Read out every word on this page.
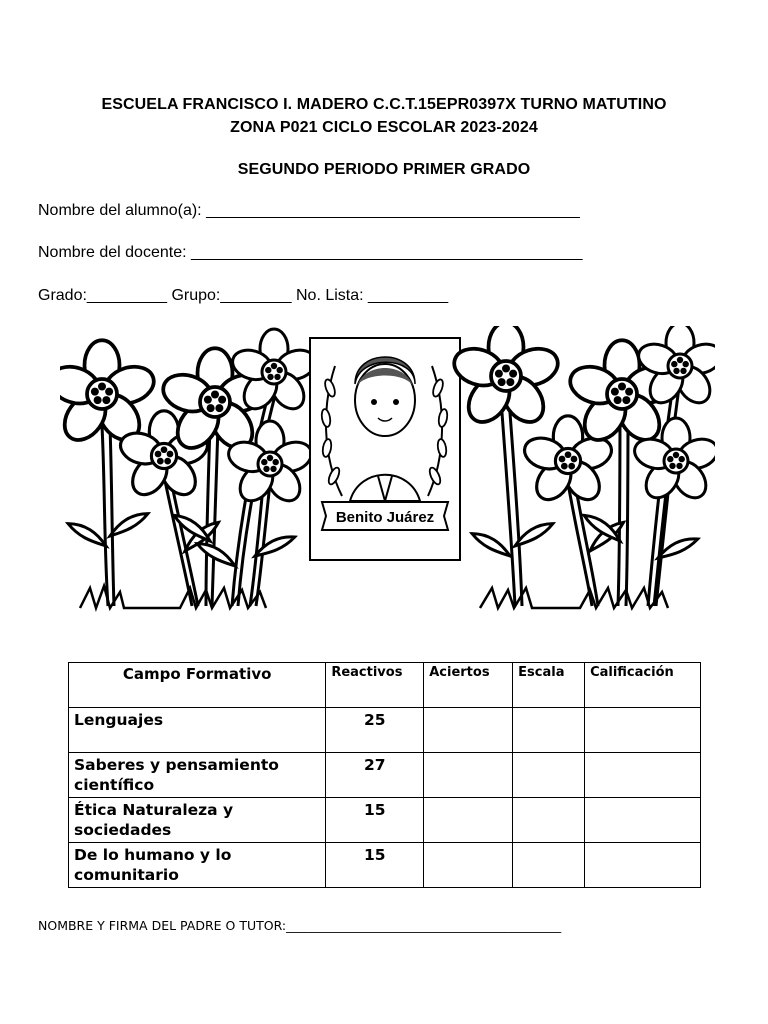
ESCUELA FRANCISCO I. MADERO C.C.T.15EPR0397X TURNO MATUTINO
ZONA P021 CICLO ESCOLAR 2023-2024
SEGUNDO PERIODO PRIMER GRADO
Nombre del alumno(a): __________________________________________
Nombre del docente: ____________________________________________
Grado:_________ Grupo:________ No. Lista: _________
Benito Juárez
Campo Formativo	Reactivos	Aciertos	Escala	Calificación
Lenguajes	25			
Saberes y pensamiento científico	27			
Ética Naturaleza y sociedades	15			
De lo humano y lo comunitario	15			
NOMBRE Y FIRMA DEL PADRE O TUTOR:____________________________________________
